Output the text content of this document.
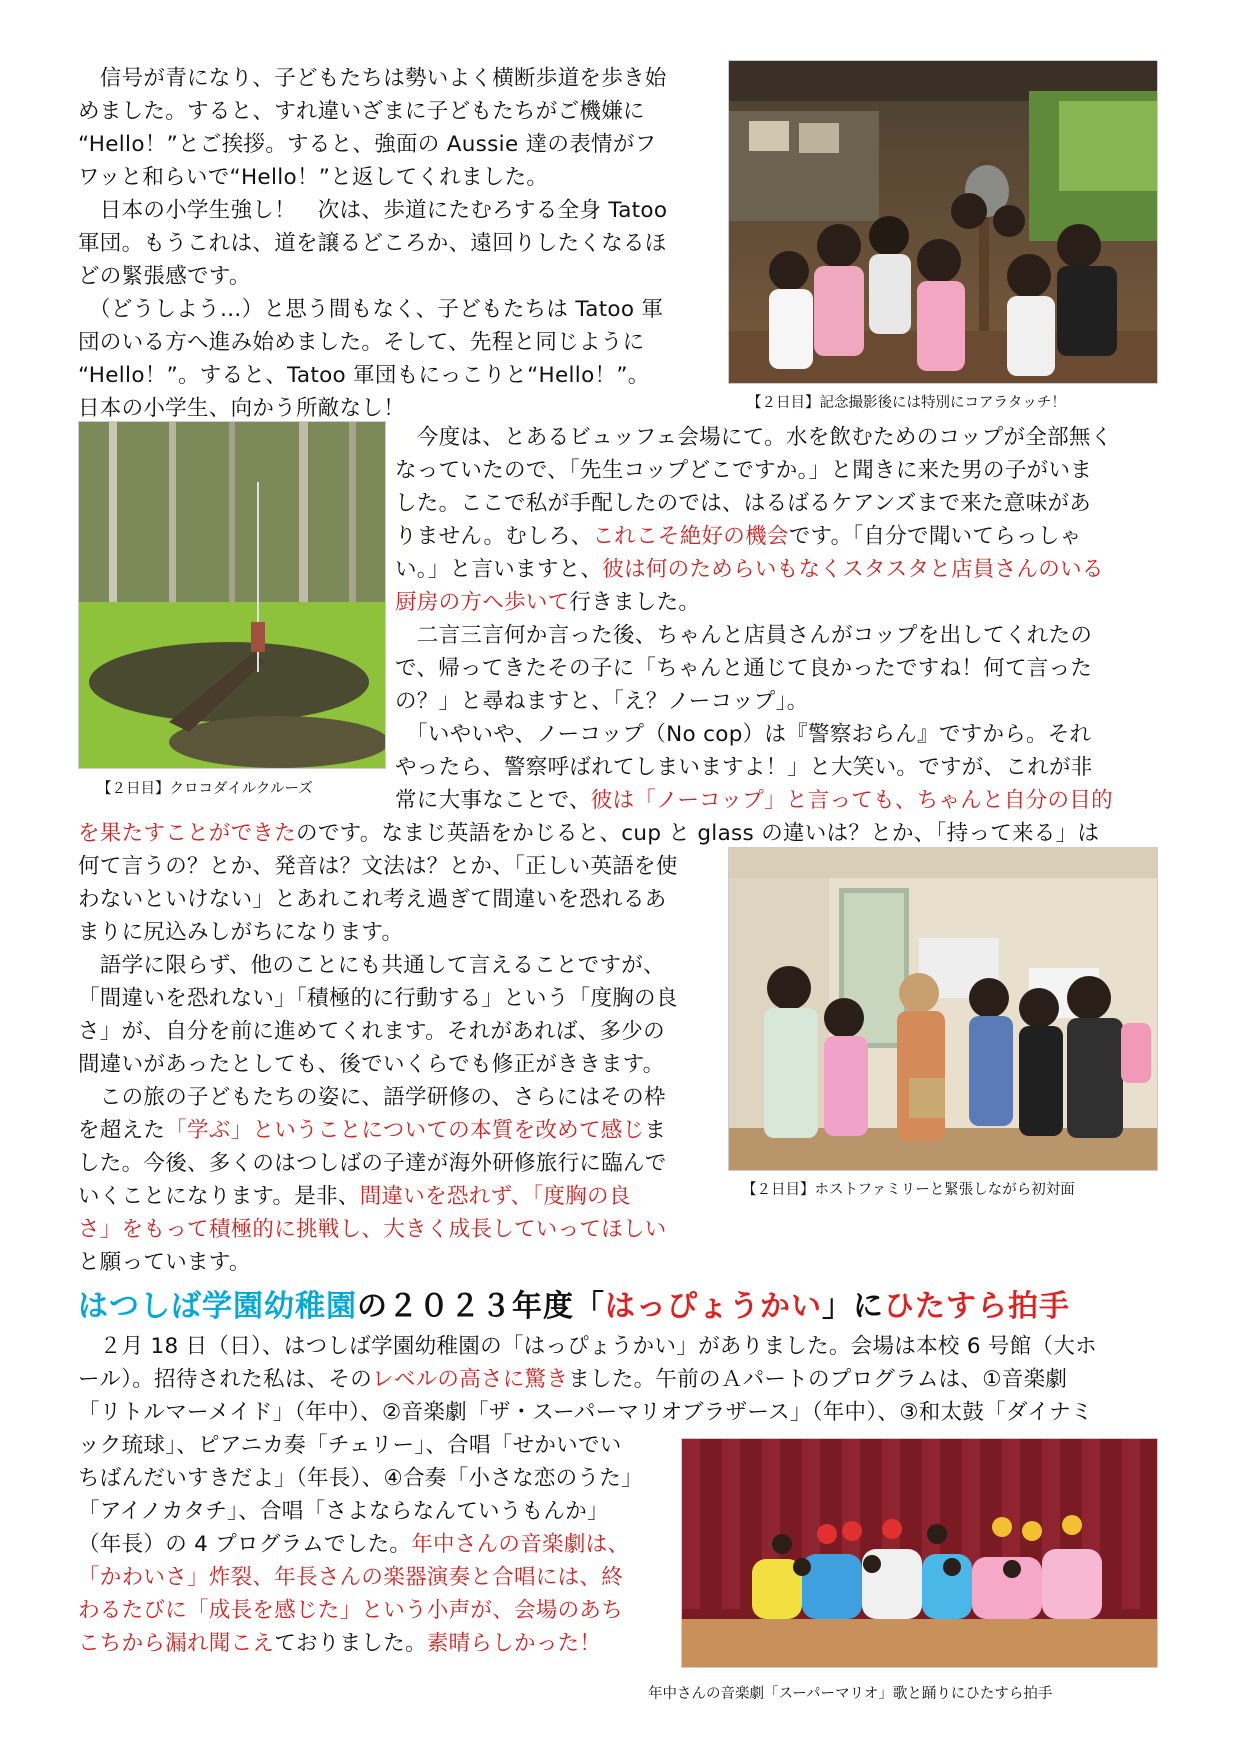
　信号が青になり、子どもたちは勢いよく横断歩道を歩き始
めました。すると、すれ違いざまに子どもたちがご機嫌に
“Hello！”とご挨拶。すると、強面の Aussie 達の表情がフ
ワッと和らいで“Hello！”と返してくれました。
　日本の小学生強し！　次は、歩道にたむろする全身 Tatoo
軍団。もうこれは、道を譲るどころか、遠回りしたくなるほ
どの緊張感です。
　（どうしよう…）と思う間もなく、子どもたちは Tatoo 軍
団のいる方へ進み始めました。そして、先程と同じように
“Hello！”。すると、Tatoo 軍団もにっこりと“Hello！”。
日本の小学生、向かう所敵なし！
　今度は、とあるビュッフェ会場にて。水を飲むためのコップが全部無く
なっていたので、「先生コップどこですか。」と聞きに来た男の子がいま
した。ここで私が手配したのでは、はるばるケアンズまで来た意味があ
りません。むしろ、これこそ絶好の機会です。「自分で聞いてらっしゃ
い。」と言いますと、彼は何のためらいもなくスタスタと店員さんのいる
厨房の方へ歩いて行きました。
　二言三言何か言った後、ちゃんと店員さんがコップを出してくれたの
で、帰ってきたその子に「ちゃんと通じて良かったですね！何て言った
の？」と尋ねますと、「え？ノーコップ」。
　「いやいや、ノーコップ（No cop）は『警察おらん』ですから。それ
やったら、警察呼ばれてしまいますよ！」と大笑い。ですが、これが非
常に大事なことで、彼は「ノーコップ」と言っても、ちゃんと自分の目的
を果たすことができたのです。なまじ英語をかじると、cup と glass の違いは？とか、「持って来る」は
何て言うの？とか、発音は？文法は？とか、「正しい英語を使
わないといけない」とあれこれ考え過ぎて間違いを恐れるあ
まりに尻込みしがちになります。
　語学に限らず、他のことにも共通して言えることですが、
「間違いを恐れない」「積極的に行動する」という「度胸の良
さ」が、自分を前に進めてくれます。それがあれば、多少の
間違いがあったとしても、後でいくらでも修正がききます。
　この旅の子どもたちの姿に、語学研修の、さらにはその枠
を超えた「学ぶ」ということについての本質を改めて感じま
した。今後、多くのはつしばの子達が海外研修旅行に臨んで
いくことになります。是非、間違いを恐れず、「度胸の良
さ」をもって積極的に挑戦し、大きく成長していってほしい
と願っています。
【２日目】記念撮影後には特別にコアラタッチ！
【２日目】クロコダイルクルーズ
【２日目】ホストファミリーと緊張しながら初対面
はつしば学園幼稚園の２０２３年度「はっぴょうかい」にひたすら拍手
　２月 18 日（日）、はつしば学園幼稚園の「はっぴょうかい」がありました。会場は本校 6 号館（大ホ
ール）。招待された私は、そのレベルの高さに驚きました。午前のＡパートのプログラムは、①音楽劇
「リトルマーメイド」（年中）、②音楽劇「ザ・スーパーマリオブラザース」（年中）、③和太鼓「ダイナミ
ック琉球」、ピアニカ奏「チェリー」、合唱「せかいでい
ちばんだいすきだよ」（年長）、④合奏「小さな恋のうた」
「アイノカタチ」、合唱「さよならなんていうもんか」
（年長）の 4 プログラムでした。年中さんの音楽劇は、
「かわいさ」炸裂、年長さんの楽器演奏と合唱には、終
わるたびに「成長を感じた」という小声が、会場のあち
こちから漏れ聞こえておりました。素晴らしかった！
年中さんの音楽劇「スーパーマリオ」歌と踊りにひたすら拍手
